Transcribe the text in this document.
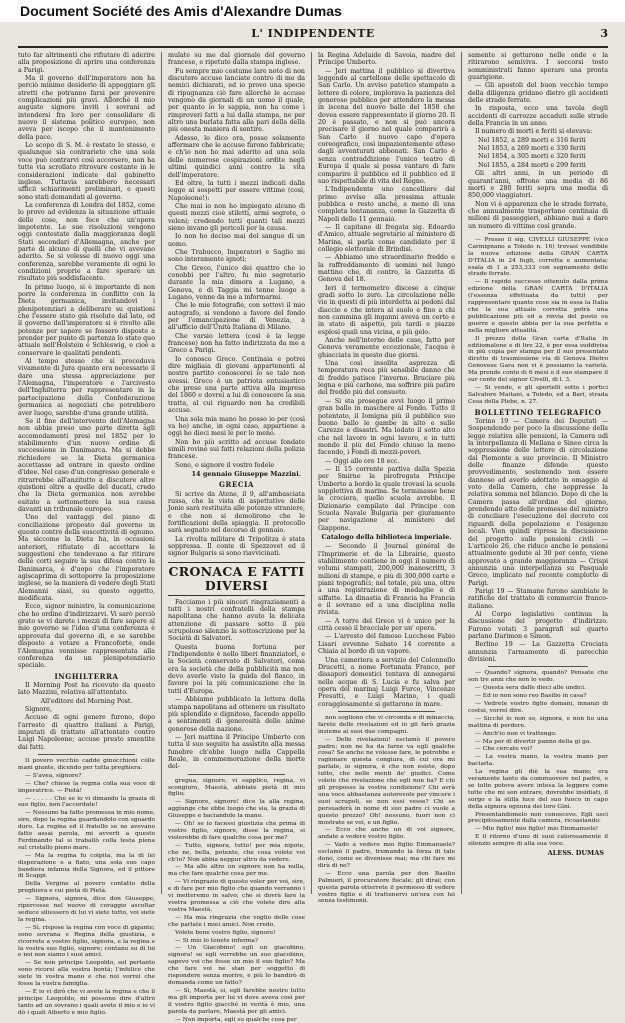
Document Société des Amis d'Alexandre Dumas
L' INDIPENDENTE	3

tuto far altrimenti che rifiutare di aderire alla proposizione di aprire una conferenza a Parigi.

Ma il governo dell'imperatore non ha perciò minimo desiderio di appoggiare gli stretti che potranno farsi per prevenire complicazioni più gravi. Allorchè il mio augusto signore inviti i sovrani ad intendersi fra loro per consolidare di nuovo il sistema politico europeo, non aveva per iscopo che il mantenimento della pace.

Lo scopo di S. M. è restato lo stesso, e qualunque sia contrarieto che una sola voce può contrarvi così accorsero, non ha tutte via scrollato ritrovare costante in le considerazioni indicate dal gabinetto inglese. Tuttavia sarebbero necessari ufficii schiarimenti preliminari, e questi sono stati domandati al governo.

La conferenza di Londra del 1852, come lo provo ad evidenza la situazione attuale delle cose, non fece che un'opera impotente. Le sue risoluzioni vengono oggi contestate dalla maggioranza degli Stati secondari d'Allemagna, anche per parte di alcuno di quelli che vi avevano aderito. Se si volesse di nuovo oggi una conferenza, sarebbe veramente di ogni lo condizioni proprie a fare sperare un risultato più soddisfacente.

In primo luogo, si è importante di non porre la conferenza in conflitto con la Dieta germanica, invitandovi i plenipotenziari a deliberare su quistioni che l'essere stato già risolute dal lato, ed il governo dell'imperatore si è rivolto alle potenze per sapere se fossero disposte a prender per punto di partenza lo stato quo attuale nell'Holstein e Schleswig, e cioè a conservare le qualitati pendenti.

Al tempo stesso che si proceduva vivamente di Jura quanto era necessario il dare una stessa appreciazione per l'Alemagna, l'imperatore e l'arcivesto dell'Inghilterra per rappresentare in la partecipazione della Confederazione germanica ai negoziati che potrebbero aver luogo, sarebbe d'una grande utilità.

Se il fine dell'intervento dell'Alemagna non abbia preso uno parte diretta agli accomodamenti presi nel 1852 per lo stabilimento d'un nuovo ordine di successione in Danimarca. Ma si debbe richiedere se la Dieta germanica accettasse ad entrare in questo ordine d'idee. Nel caso d'un congresso generale e ritrarrebbe all'anzitutto a discutere altre quistioni oltre a quelle del ducati, credo che la Dieta germanica non avrebbe esitato a sottomettere la sua causa davanti un tribunale europeo.

Uno del vantaggi del piano di conciliazione proposto dal governo in questo contro della suscettività di ognuno. Ma siccome la Dieta ha, in occasioni anteriori, rifiutato di accettare le suggestioni che tendevano a far ritirare delle corti seguire la sua difesa contro la Danimarca, è d'uopo che l'imperatore agiscaprima di sottoporre la proposizione inglese, se la maniera di vedere degli Stati Alemanni siasi, su questo oggetto, modificata.

Ecco, signor ministro, la comunicazione che ho ordine d'indirizzarvi. Vi sarò perciò grato se vi darete i mezzi di fare sapere al mio governo se l'idea d'una conferenza è approvata dal governo di, e se sarebbe disposto a votare a Francoforte, onde l'Alemagna vennisse rappresentata alla conferenza da un plenipotenziario speciale.

INGHILTERRA

Il Morning Post ha ricevuto da questo lato Mazzini, relativa all'attentato.

All'editore del Morning Post.

Signore,

Accuso di ogni genere furono, dopo l'arresto di quattro italiani a Parigi, imputati di trattato all'attentato contro Luigi Napoleone; accuse presto smentite dai fatti.

Il povero vecchio cadde ginocchioni colle mani giunte, dicendo per tutta preghiera:

— S'avea, signore?

— Che? chiese la regina colla sua voce di imperatrice. — Pietà!

— . . . . . Che se io vi dimando la grazia di suo figlio, non l'accordate!

— Nessuno ha fatto promessa in mio nome, sire, dopo la regina guardandolo con sguardo duro. La regina ed il fratello se ne avevano fatto assai parola, mi avverti a questo Ferdinando tal si traballò colla testa piena sul cristallo pieno mare.

— Ma la regina fu colpita, ma la di lei disperazione e a fiato, una sola suo capo bandiera infamia della Signora, ed il pittore di Scappi.

Della Vergine al povero contatto della preghiera e cui pietà di Pietà.

— Signora, signora, dice don Giuseppe, ripercosse nel nuovo di coraggio ascoltar seduce siliessero di lui vi siete tutto, voi siete la regina.

— Sì, rispose la regina con voce di gigante; sono sovrana e Regina della giustizia, e ricorrete a vostro figlio, signora, e la regina e la vostra suo figlio, signore; contano su di lui e noi non siamo i suoi amici.

— Se non principe Leopoldo, sol pertanto sono ricorsi alla vostra bontà; l'infelice che siete in vostra mano e che noi vorrei che fosse la vostra famiglia.

— E io vi dirò che vi avete la regina e che il principe Leopoldo, mi possono dire d'altro tanto ad un sovrano i quali avete il mio e io vi dò i quali Alberto e mio figlio.

mulate su me dal giornale del governo francese, e ripetute dalla stampa inglese.

Fu sempre mio costume lare noto di non discutere accuse lanciate contro di me da nemici dichiarati, ed io provo una specie di ripugnanza ciò fare allorchè le accuse vengono da giornali di un uomo il quale, per quanto io lo sappia, non ha come i rimproveri fatti a lui dalla stampa, ne per altro una burlata fatta alla pari della della più onesta maniera di sentire.

Adesso, lo dico ora, posso solamente affermare che le accuse furono fabbricate; e ch'io non ho mai aderito ad una sola delle numerose cospirazioni ordite negli ultimi quindici anni contro la vita dell'imperatore.

Ed oltre, la tutti i mezzi indicati dalla legge ai sospetti per essere vittime (così, Napoleone!):

Che mai io non ho impiegato alcuno di questi mezzi cioè stiletti, armi segrete, o veleni; credendo tutti quanti tali mezzi sieno invano gli pericoli per la causa.

Io non ho deciso mai del sangue di un uomo.

Che Trabucco, Imperatori e Saglio mi sono interamente ignoti;

Che Greco, l'unico dei quattro che io conobbi per l'altro, fu mio segretario durante la mia dimora a Lugano, a Genova, e di Taggia mi tenne luogo a Lugano, venne da me a informarmi.

Che le mie fotografie, con sottovi il mio autografo, si vendono a favore del fondo per l'emancipazione di Venezia, a all'ufficio dell'Unità Italiana di Milano.

Che varsio lettera (così è la legge francese) non ha fatto indirizzata da me a Greco a Parigi.

Io conosco Greco. Centinaia e potrei dire migliaia di giovani appartenenti al nostro partito conoscerei io se tale non avessi. Greco è un patriota entusiastico che prese una parte attiva alla impresa del 1860 e dovrei a lui di conoscere la sua tratta, al cui riguardo non ha credibili accuse.

Una sola mia mano ho posso io per (così va ho) anche, in ogni caso, appartiene a oggi ho dieci mesi le per lo meno.

Non ho più scritto ad accuse fondate simili rovine sui fatti relazioni della polizia francese.

Sono, o signore il vostro fedele

14 gennaio Giuseppe Mazzini.
GRECIA

Si scrive da Atene, il 9, all'ambasciata russa, che la vista di aspettative delle Jonie sarà restituita alle potenze straniere, e che non si demolirono che le fortificazioni della spiaggia. Il protocollo sarà segnato nel decorso di gennaio.

La rivolta militare di Tripolitza è stata soppressa. Il conte di Spezzovet ed il signor Bulgaris si sono riavvicinati.

CRONACA E FATTI DIVERSI

Facciamo i più sinceri ringraziamenti a tutti i nostri confratelli della stampa napolitana che hanno avuto la delicata attenzione di passare sotto il più scrupoloso silenzio la sottoscrizione per la Società di Salvatori.

Questa buona fortuna per l'Indipendente è nello liberi finanziatori, e la Società conservato di Salvatori, coma era la società che della pubblicità ma non devo averle visto la guida del fiasco, in favore poi la più comunicazione che in tutti d'Europa.

— Abbiamo pubblicato la lettera della stampa napolitana ad ottenere un risultato più splendido e dignitoso, facendo appello a sentimenti di generosità delle anime generose della nazione.

— Jeri mattina il Principe Umberto con tutta il suo seguito ha assistito alla messa funebre ch'ebbe luogo nella Cappella Reale, in commemorazione della morte del-

gregua, signore, vi supplico, regina, vi scongiuro, Maestà, abbiate pietà di mio figlio;

— Signore, signore! dice la alla regina, aggiunge che ebbe luogo che sia, la grazia di Giuseppe e baciandole la mano.

— Oh! se io facessi giustizia che prima di vostro figlio, signore, disse la regina, si violerebbe di fare qualche cosa per me?

— Tutto, signora, tutto! per mia nipote, che ne, bella, potente, che cosa volete voi ch'io? Non abbia neppur altro da vedere.

— Ma alle altre un signore non ha nulla, ma che fare qualche cosa per me.

— Vi ringrazio di questo voler per voi, sire, e di fare per mio figlio che quando verranno i vi metteremo in salvo; che si dovrà fare la vostra promessa a ciò che volete dire alla vostra Maestà.

— Ha mia ringrazia che voglio delle cose che parlate i miei amici. Non credo.

Volete bene vostro figlio, signore!

— Si mio lo tenete inferma?

— Un Giacobino! egli un giacobino, signora! se egli vorrebbe un suo giacobino, sapevo voi che fosse un mio il suo figlio? Ma che fare voi ne stan per soggetto di rispondere senza morire, e più lo bandirò di domanda come un fatto?

— Sì, Maestà, si, egli farebbe nostro tutto ma gli importa per lui vi dove aveva così per il vostro figlio giacché in verità è mio, una parola da parlare, Maestà per gli amici.

— Non importa, egli su qualche cosa per

la Regina Adelaide di Savoia, madre del Principe Umberto.

— Jeri mattina il pubblico si divertiva leggendo al cartellone delle spettacolo di San Carlo. Un avviso patetico stampato a lettere di colore, implorava la pazienza del generoso pubblico per attendere la messa in iscena del nuovo ballo del 1858 che dovea essere rappresentato il giorno 20. Il 20 è passato, e non si può ancora precisare il giorno nel quale comparirà a San Carlo il nuovo capo d'opera coreografico, così impazientemente atteso dagli avventurati abbonati. San Carlo è senza contraddizione l'unico teatro di Europa il quale si possa vantare di fare comparire il pubblico ed il pubblico ed il suo rispettabile di vita del Regno.

L'Indipendente uno cancelliere dal primo avviso alla prossima attuale pubblica e resto anche, a meno di una completa lontananza, come la Gazzetta di Napoli dello 11 gennaio.

— Il capitano di fregata sig. Edoardo d'Amico, attuale segretario al ministero di Marina, si parla come candidato per il collegio elettorale di Brindisi.

— Abbiamo uno straordinario freddo e la raffreddamento di uomini nel lungo mattino che, di contro, la Gazzetta di Genova del 18.

Ieri il termometro discese a cinque gradi sotto lo zero. La circolazione nelle vie in questi di più interdetta ai pedoni dal diaccio e che intera al suolo e fino a chi non cammina gli inganni aveva un certo e in stato di aspetto, più tardi e piazze esplosi quali una vicina, e più gelo.

Anche nell'interno delle case, fatto per Genova veramente eccezionale, l'acqua è ghiacciata in questo due giorni.

Una così insolita asprezza di temperatura reca più sensibile danno che di freddo patisce l'inverno. Bruciare più legna e più carbone, ma soffrire più patire del freddo più del consueto.

— Si sta prosegue avvi luogo il primo gran ballo in maschere al Fondo. Tutto il potentato, il Iomigna più il pubblico suo buono ballo le gambe in alto e sulle Carezze e disastri. Ma lodato il sotto alto che nel lavoro in ogni lavoro, e in tutti mondo il più del Fondo chiuso la meno facendo, i Fondi di mezzi-poveri.

— Oggi alle ore 18 ecc.

— Il 15 corrente partiva dalla Spezia per Smirne la pirofregata Principe Umberto a bordo la quale trovasi la scuola supplettiva di marina. Se terminasse bene la crociera, quello scuola avrebbe. Il Dizionario compilato dal Principe con Scuola Navale Bulgaria per giuramento per navigazione al ministero del Giappone.

Catalogo della biblioteca imperiale.

— Secondo il Journal général de l'Imprimerie et de la Librairie, questo stabilimento contiene in oggi il numero di volumi stampati, 200,000 manoscritti, 3 milioni di stampe, e più di 300,000 carte e piani topografici; nel totale, più una, oltre a una registrazione di medaglie e di siffatte. La dinastia di Francia ha Francia e il sovrano ed a una disciplina nella rivista.

— A torre del Greco vi è unico per la città cessò il bracciale per un' opera.

— L'arresto del famoso Lucchese Fabio Lisari avvenne Sabato 14 corrente a Chiaia al bordo di un vapore.

Una cameriera a servizio del Colonnello Drucetti, a nome Fortunata Franco, per dissapori domestici tentava di annegarsi nelle acque di S. Lucia e fu salva per opera del marinaj Luigi Furco, Vincenzo Presutti, e Luigi Marino, i quali coraggiosamente si gettarono in mare.

non sogliono che vi circonda e di minaccia; farete delle rivelazioni ed io gli farò grazia insieme ai suoi due compagni.

— Delle rivelazioni! esclamò il povero padre; non ne ha da farne va egli qualche cosa? Se anche ne volesse fare, le potrebbe e ragionare questa congiura, di cui ora mi parlate, io signora, è che non esiste, dopo tutto, che nelle menti de' giudici. Come volete che rivelazione che egli non ha? E chi gli proposse la vostra condizione? Chi avrà una voce abbastanza autorevole per vincere i suoi scrupoli, se non essi vesse? Chi se persuaderà in nome di suo padre ci vuole a questo prezzo? Oh! nessuno, fuori non ci mostrate se voi, e un figlio.

— Ecco che anche un di voi signore, andate a vedere vostro figlio.

— Vado a vedere mio figlio Emmanuele? esclamò il padre, tremando la forza di tale dono, come se divenisse mai; ma chi fare mi dirà di no?

— Ecco una parola per don Basilio Palmieri, il procuratore fiscale; gli dirai; con questa parola otterrete il permesso di vedere vostro figlio e di trattenervi un'ora con lui senza testimonii.

samente si gettarono nelle onde e la ritirarono semiviva. I soccorsi tosto somministrati fanno sperare una pronta guarigione.

— Gli apostoli del buon vecchio tempo della diligenza gridano dietro gli accidenti delle strade ferrate.

In risposta, ecco una tavola degli accidenti di carrozze accaduti sulle strade della Francia in un anno.

Il numero di morti e feriti si elevava:

Nel 1852, a 289 morti e 316 feriti

Nel 1853, a 269 morti e 330 feriti

Nel 1854, a 305 morti e 320 feriti

Nel 1855, a 284 morti e 299 feriti

Gli altri anni, in un periodo di quarant'anni, offrono una media di 86 morti e 280 feriti sopra una media di 850,000 viaggiatori.

Non vi è apparenza che le strade ferrate, che annualmente trasportano centinaia di milioni di passeggieri, abbiano mai a dare un numero di vittime così grande.

— Presso il sig. CIVELLI GIUSEPPE (vico Carmignano a Toledo n. 16) trovasi vendibile la nuova edizione della GRAN CARTA D'ITALIA in 24 fogli, corretta e aumentata; esala di 1 a 253,333 con segnamento delle strade ferrate.

— Il rapido successo ottenuto dalla prima edizione della GRAN CARTA D'ITALIA (l'essenza effettuata da tutti) per rappresentare quante cose sia in essa la Italia che la sua attuale corretta potrà una pubblicazione più ed a rinvia del posto su guerre e questo abbia per la sua perfetta e nella migliore attualità.

Il prezzo della Gran carta d'Italia in editiomalone e di lire 22, è per essa suddivisa in più copia per stampa per il suo presentato diretto di trasmissione via di Genova Dietro Genovese Gara non vi è possiamo la varietà. Ma prende conto di 6 mesi o il suo stampare il sur conto del signor Civelli, di l. 3.

— Si vende, e gli sportelli sotto i portici Salvatore Maitani, a Toledo, ed a Bari, strada Cesa della Plebe, n. 27.

BOLLETTINO TELEGRAFICO

Torino 19 — Camera dei Deputati — Sospendendo per poco la discussione della legge relativa alle pensioni, la Camera udì la interpellanza di Mellana e Sineo circa la soppressione delle lettere di circolazione dal Piemonte a suo provincie. Il Ministro delle finanze difende questo provvedimento, sostenendo non essere dannoso ad averlo adottato in omaggio al voto della Camera, che soppresse la relativa somma nel bilancio. Dopo di che la Camera passa all'ordine del giorno, prendendo atto delle promesse del ministro di conciliare l'esecuzione del decreto coi riguardi della popolazione e l'esigenze locali. Vien quindi ripresa la discussione del progetto sulle pensioni civili — L'articolo 26, che riduce anche le pensioni attualmente godute al 30 per cento, viene approvato a grande maggioranza — Crispi annunzia una interpellanza su Pasquale Greco, implicato nel recente complotto di Parigi.

Parigi 19 — Stamane furono sambiate le ratifiche del trattato di commercio franco-italiano.

Al Corpo legislativo continua la discussione del progetto d'indirizzo. Furono votati 3 paragrafi sul quarto parlano Darimon e Simon.

Berlino 19 — La Gazzetta Crociata annunzia l'armamento di parecchie divisioni.

— Quando? signora, quando? Pensate che son tre anni che non lo vedo.

— Questa sera dalle dieci alle undici.

— Ed io non sono reo Basilio in casa?

— Vedrete vostro figlio domani, innanzi di costui, vorrei dire.

— Sicché io non so, signora, e non ho una mattina di perdere.

— Anch'io non vi trattengo.

— Ma per di divertir panno della gi ga.

— Che cercate voi?

— La vostra mano, la vostra mano per baciarla.

La regina gli diè la sua mano; era veramente tanto da commuovere nel padre, e se tolto poteva avere intesa la leggere come tutte che mi son entrare, dovrebbe insidiati, il sorgo e la stilla luce del suo fuoco in capo della signora ognuna dei loro Gini.

Presentandomelo non conoscevo. Egli usci precipitosamente dalla camera, ricoaslando:

— Mio figlio! mio figlio! mio Emmanuele!

E il ritorno d'uno di suoi calorosamente il silenzio sempre di alla sua voce.

ALESS. DUMAS
